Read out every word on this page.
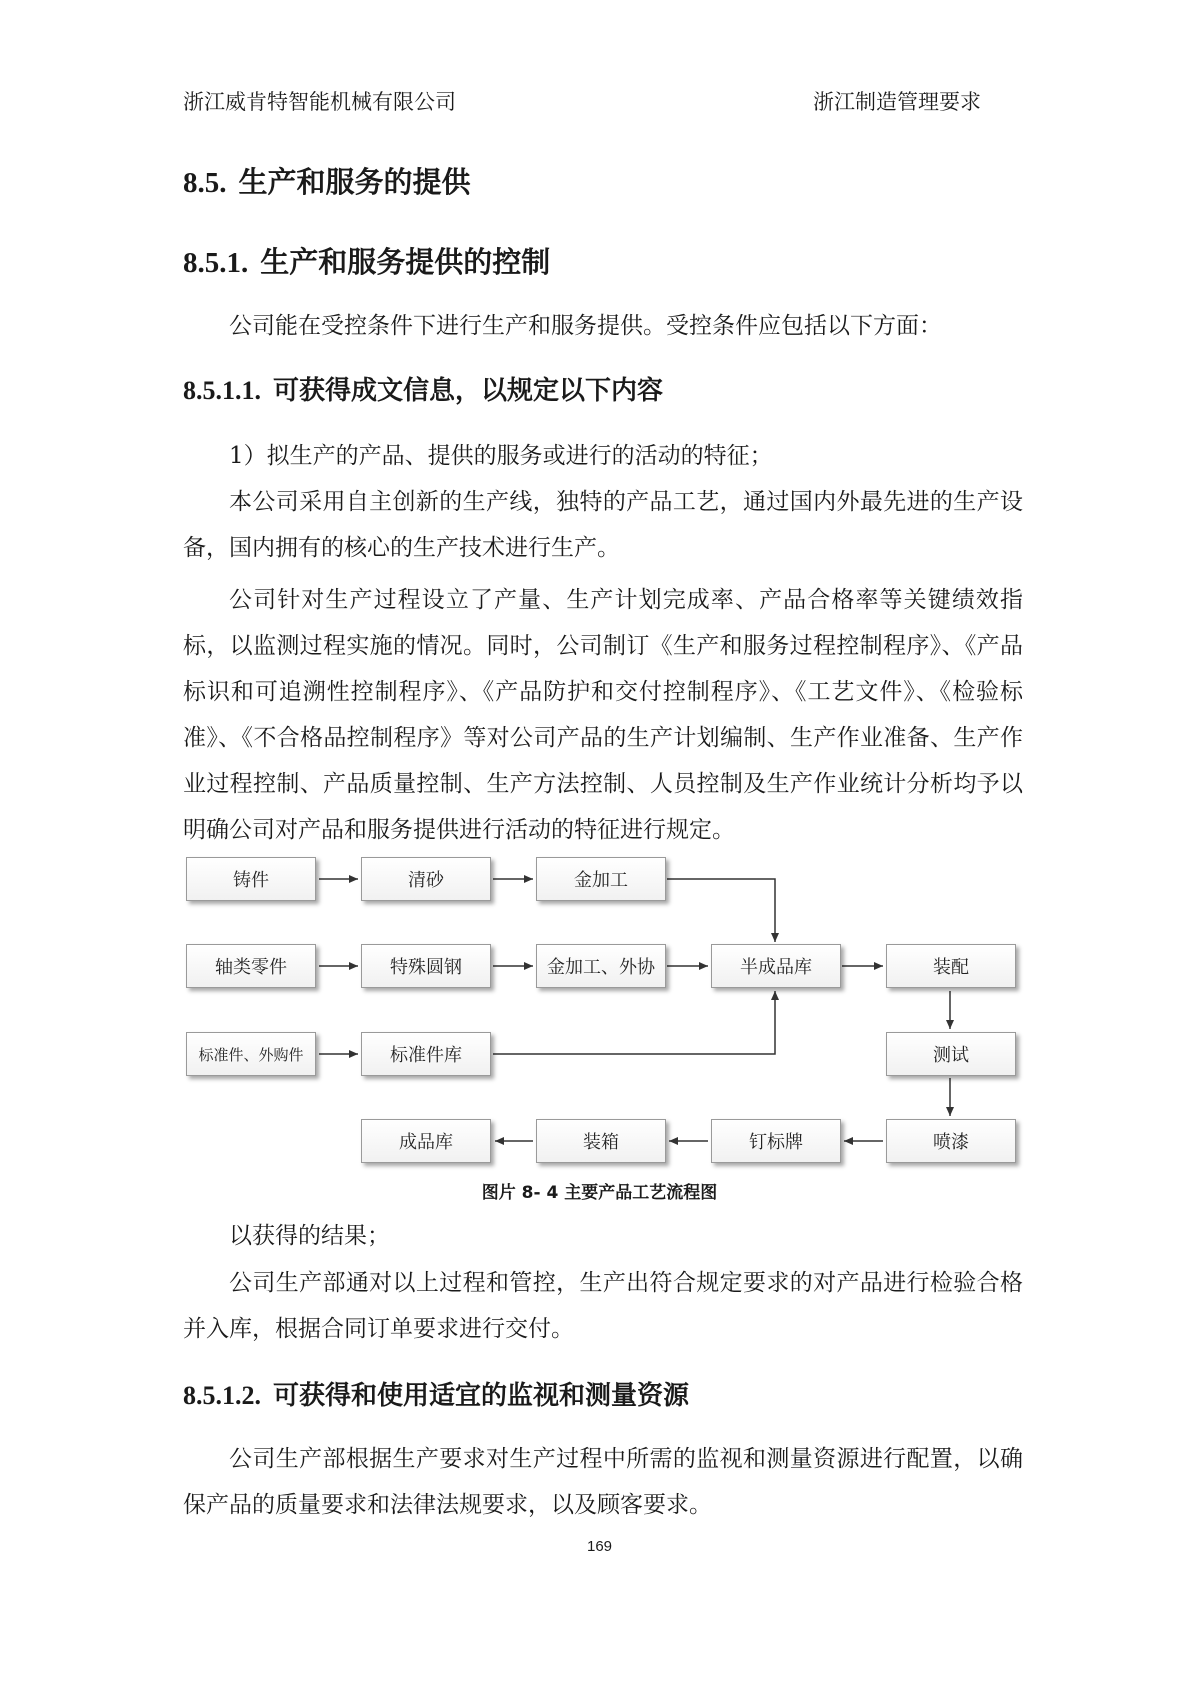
浙江威肯特智能机械有限公司	浙江制造管理要求
8.5. 生产和服务的提供
8.5.1. 生产和服务提供的控制
公司能在受控条件下进行生产和服务提供。受控条件应包括以下方面：
8.5.1.1. 可获得成文信息，以规定以下内容
1）拟生产的产品、提供的服务或进行的活动的特征；
本公司采用自主创新的生产线，独特的产品工艺，通过国内外最先进的生产设备，国内拥有的核心的生产技术进行生产。
公司针对生产过程设立了产量、生产计划完成率、产品合格率等关键绩效指标，以监测过程实施的情况。同时，公司制订《生产和服务过程控制程序》、《产品标识和可追溯性控制程序》、《产品防护和交付控制程序》、《工艺文件》、《检验标准》、《不合格品控制程序》等对公司产品的生产计划编制、生产作业准备、生产作业过程控制、产品质量控制、生产方法控制、人员控制及生产作业统计分析均予以明确公司对产品和服务提供进行活动的特征进行规定。
铸件	清砂	金加工
轴类零件	特殊圆钢	金加工、外协	半成品库	装配
标准件、外购件	标准件库	测试
成品库	装箱	钉标牌	喷漆
图片 8- 4 主要产品工艺流程图
以获得的结果；
公司生产部通对以上过程和管控，生产出符合规定要求的对产品进行检验合格并入库，根据合同订单要求进行交付。
8.5.1.2. 可获得和使用适宜的监视和测量资源
公司生产部根据生产要求对生产过程中所需的监视和测量资源进行配置，以确保产品的质量要求和法律法规要求，以及顾客要求。
169
